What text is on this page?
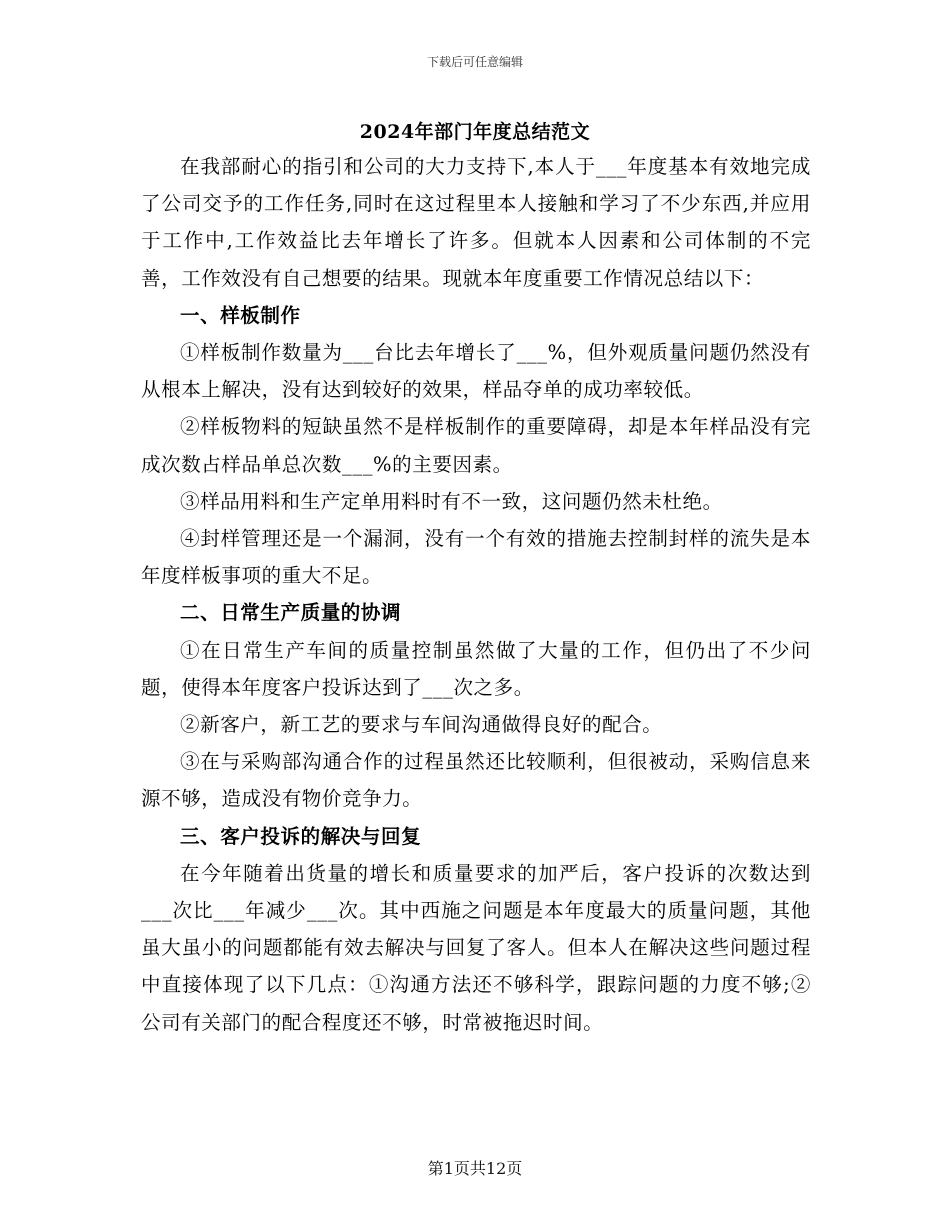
下载后可任意编辑
2024年部门年度总结范文

在我部耐心的指引和公司的大力支持下,本人于___年度基本有效地完成了公司交予的工作任务,同时在这过程里本人接触和学习了不少东西,并应用于工作中,工作效益比去年增长了许多。但就本人因素和公司体制的不完善，工作效没有自己想要的结果。现就本年度重要工作情况总结以下：

一、样板制作

①样板制作数量为___台比去年增长了___%，但外观质量问题仍然没有从根本上解决，没有达到较好的效果，样品夺单的成功率较低。

②样板物料的短缺虽然不是样板制作的重要障碍，却是本年样品没有完成次数占样品单总次数___%的主要因素。

③样品用料和生产定单用料时有不一致，这问题仍然未杜绝。

④封样管理还是一个漏洞，没有一个有效的措施去控制封样的流失是本年度样板事项的重大不足。

二、日常生产质量的协调

①在日常生产车间的质量控制虽然做了大量的工作，但仍出了不少问题，使得本年度客户投诉达到了___次之多。

②新客户，新工艺的要求与车间沟通做得良好的配合。

③在与采购部沟通合作的过程虽然还比较顺利，但很被动，采购信息来源不够，造成没有物价竞争力。

三、客户投诉的解决与回复

在今年随着出货量的增长和质量要求的加严后，客户投诉的次数达到___次比___年减少___次。其中西施之问题是本年度最大的质量问题，其他虽大虽小的问题都能有效去解决与回复了客人。但本人在解决这些问题过程中直接体现了以下几点：①沟通方法还不够科学，跟踪问题的力度不够;②公司有关部门的配合程度还不够，时常被拖迟时间。

第1页共12页
